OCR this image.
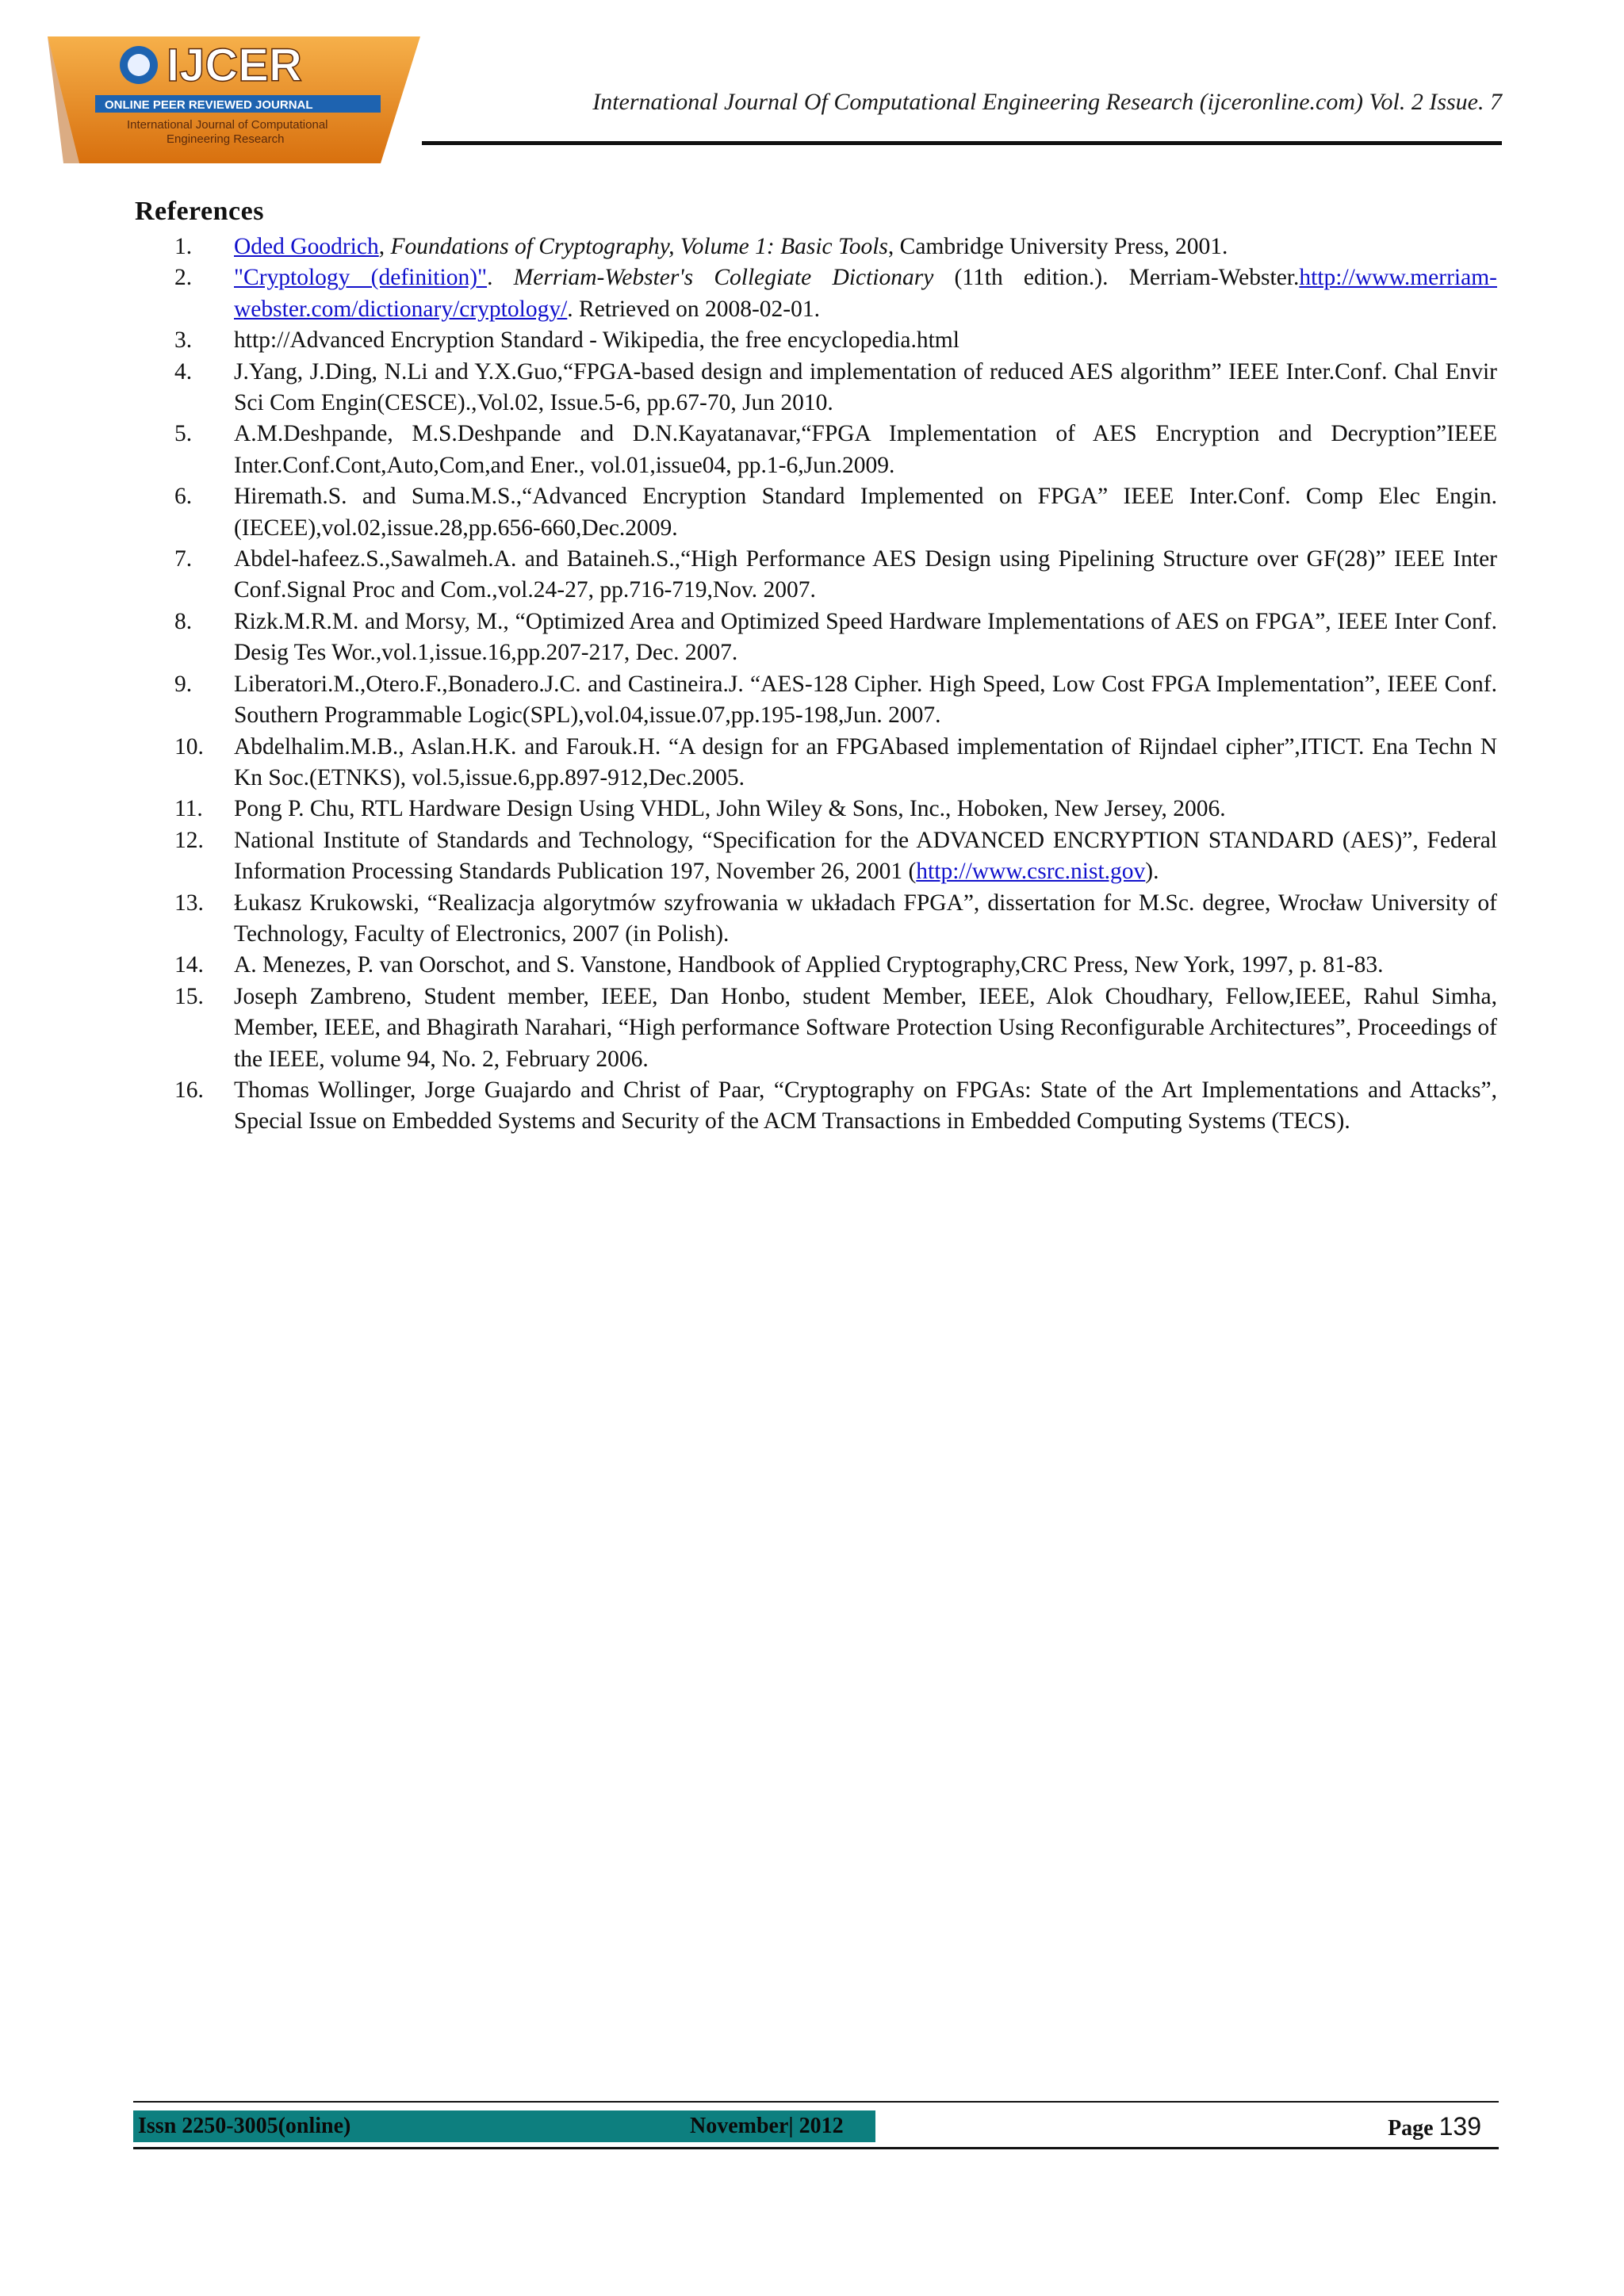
IJCER
ONLINE PEER REVIEWED JOURNAL
International Journal of Computational
Engineering Research
International Journal Of Computational Engineering Research (ijceronline.com) Vol. 2 Issue. 7
References
1. Oded Goodrich, Foundations of Cryptography, Volume 1: Basic Tools, Cambridge University Press, 2001.
2. "Cryptology (definition)". Merriam-Webster's Collegiate Dictionary (11th edition.). Merriam-Webster.http://www.merriam-webster.com/dictionary/cryptology/. Retrieved on 2008-02-01.
3. http://Advanced Encryption Standard - Wikipedia, the free encyclopedia.html
4. J.Yang, J.Ding, N.Li and Y.X.Guo,“FPGA-based design and implementation of reduced AES algorithm” IEEE Inter.Conf. Chal Envir Sci Com Engin(CESCE).,Vol.02, Issue.5-6, pp.67-70, Jun 2010.
5. A.M.Deshpande, M.S.Deshpande and D.N.Kayatanavar,“FPGA Implementation of AES Encryption and Decryption”IEEE Inter.Conf.Cont,Auto,Com,and Ener., vol.01,issue04, pp.1-6,Jun.2009.
6. Hiremath.S. and Suma.M.S.,“Advanced Encryption Standard Implemented on FPGA” IEEE Inter.Conf. Comp Elec Engin.(IECEE),vol.02,issue.28,pp.656-660,Dec.2009.
7. Abdel-hafeez.S.,Sawalmeh.A. and Bataineh.S.,“High Performance AES Design using Pipelining Structure over GF(28)” IEEE Inter Conf.Signal Proc and Com.,vol.24-27, pp.716-719,Nov. 2007.
8. Rizk.M.R.M. and Morsy, M., “Optimized Area and Optimized Speed Hardware Implementations of AES on FPGA”, IEEE Inter Conf. Desig Tes Wor.,vol.1,issue.16,pp.207-217, Dec. 2007.
9. Liberatori.M.,Otero.F.,Bonadero.J.C. and Castineira.J. “AES-128 Cipher. High Speed, Low Cost FPGA Implementation”, IEEE Conf. Southern Programmable Logic(SPL),vol.04,issue.07,pp.195-198,Jun. 2007.
10. Abdelhalim.M.B., Aslan.H.K. and Farouk.H. “A design for an FPGAbased implementation of Rijndael cipher”,ITICT. Ena Techn N Kn Soc.(ETNKS), vol.5,issue.6,pp.897-912,Dec.2005.
11. Pong P. Chu, RTL Hardware Design Using VHDL, John Wiley & Sons, Inc., Hoboken, New Jersey, 2006.
12. National Institute of Standards and Technology, “Specification for the ADVANCED ENCRYPTION STANDARD (AES)”, Federal Information Processing Standards Publication 197, November 26, 2001 (http://www.csrc.nist.gov).
13. Łukasz Krukowski, “Realizacja algorytmów szyfrowania w układach FPGA”, dissertation for M.Sc. degree, Wrocław University of Technology, Faculty of Electronics, 2007 (in Polish).
14. A. Menezes, P. van Oorschot, and S. Vanstone, Handbook of Applied Cryptography,CRC Press, New York, 1997, p. 81-83.
15. Joseph Zambreno, Student member, IEEE, Dan Honbo, student Member, IEEE, Alok Choudhary, Fellow,IEEE, Rahul Simha, Member, IEEE, and Bhagirath Narahari, “High performance Software Protection Using Reconfigurable Architectures”, Proceedings of the IEEE, volume 94, No. 2, February 2006.
16. Thomas Wollinger, Jorge Guajardo and Christ of Paar, “Cryptography on FPGAs: State of the Art Implementations and Attacks”, Special Issue on Embedded Systems and Security of the ACM Transactions in Embedded Computing Systems (TECS).
Issn 2250-3005(online)	November| 2012	Page 139
